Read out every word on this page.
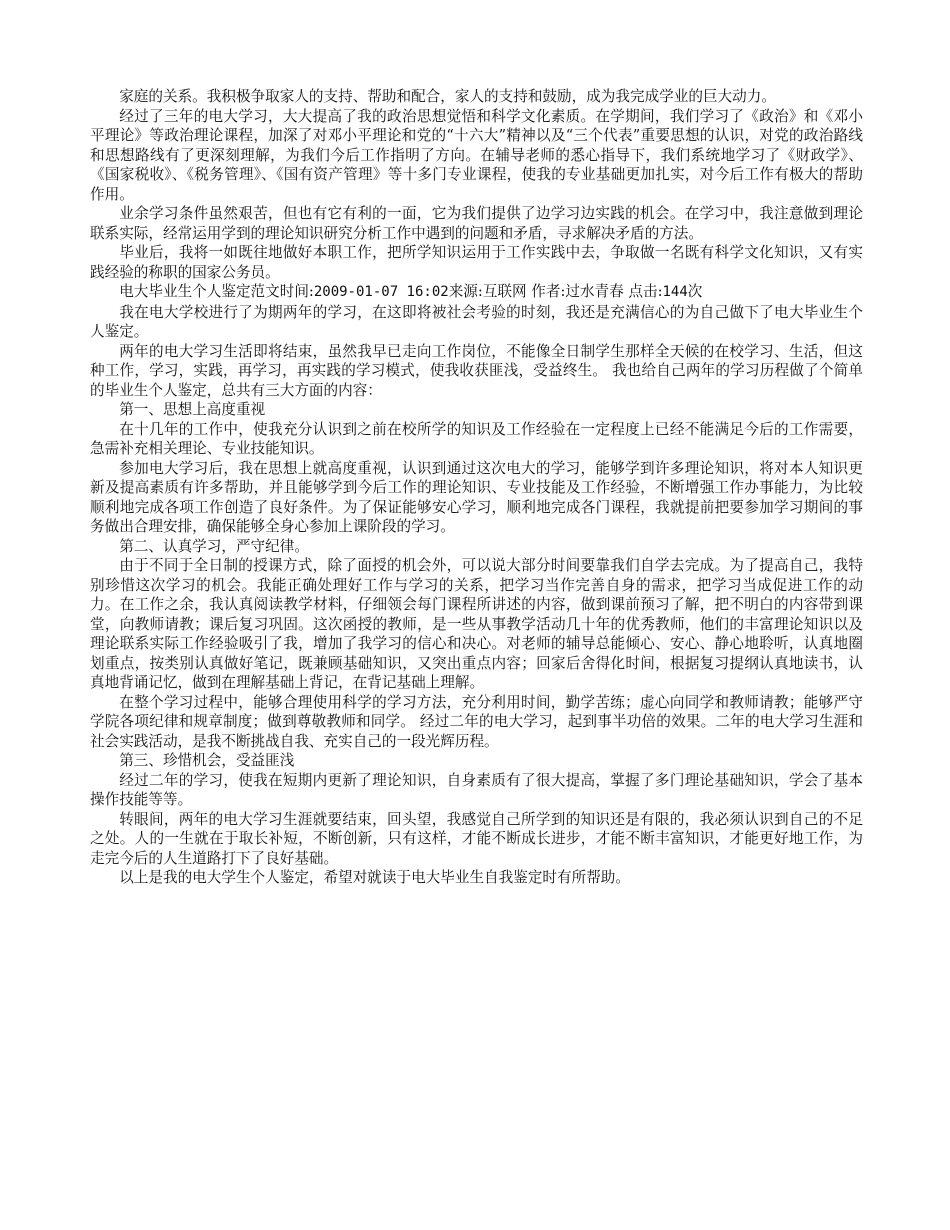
家庭的关系。我积极争取家人的支持、帮助和配合，家人的支持和鼓励，成为我完成学业的巨大动力。

经过了三年的电大学习，大大提高了我的政治思想觉悟和科学文化素质。在学期间，我们学习了《政治》和《邓小平理论》等政治理论课程，加深了对邓小平理论和党的“十六大”精神以及“三个代表”重要思想的认识，对党的政治路线和思想路线有了更深刻理解，为我们今后工作指明了方向。在辅导老师的悉心指导下，我们系统地学习了《财政学》、《国家税收》、《税务管理》、《国有资产管理》等十多门专业课程，使我的专业基础更加扎实，对今后工作有极大的帮助作用。

业余学习条件虽然艰苦，但也有它有利的一面，它为我们提供了边学习边实践的机会。在学习中，我注意做到理论联系实际，经常运用学到的理论知识研究分析工作中遇到的问题和矛盾，寻求解决矛盾的方法。

毕业后，我将一如既往地做好本职工作，把所学知识运用于工作实践中去，争取做一名既有科学文化知识，又有实践经验的称职的国家公务员。

电大毕业生个人鉴定范文时间:2009-01-07 16:02来源:互联网 作者:过水青春 点击:144次

我在电大学校进行了为期两年的学习，在这即将被社会考验的时刻，我还是充满信心的为自己做下了电大毕业生个人鉴定。

两年的电大学习生活即将结束，虽然我早已走向工作岗位，不能像全日制学生那样全天候的在校学习、生活，但这种工作，学习，实践，再学习，再实践的学习模式，使我收获匪浅，受益终生。 我也给自己两年的学习历程做了个简单的毕业生个人鉴定，总共有三大方面的内容：

第一、思想上高度重视

在十几年的工作中，使我充分认识到之前在校所学的知识及工作经验在一定程度上已经不能满足今后的工作需要，急需补充相关理论、专业技能知识。

参加电大学习后，我在思想上就高度重视，认识到通过这次电大的学习，能够学到许多理论知识，将对本人知识更新及提高素质有许多帮助，并且能够学到今后工作的理论知识、专业技能及工作经验，不断增强工作办事能力，为比较顺利地完成各项工作创造了良好条件。为了保证能够安心学习，顺利地完成各门课程，我就提前把要参加学习期间的事务做出合理安排，确保能够全身心参加上课阶段的学习。

第二、认真学习，严守纪律。

由于不同于全日制的授课方式，除了面授的机会外，可以说大部分时间要靠我们自学去完成。为了提高自己，我特别珍惜这次学习的机会。我能正确处理好工作与学习的关系，把学习当作完善自身的需求，把学习当成促进工作的动力。在工作之余，我认真阅读教学材料，仔细领会每门课程所讲述的内容，做到课前预习了解，把不明白的内容带到课堂，向教师请教；课后复习巩固。这次函授的教师，是一些从事教学活动几十年的优秀教师，他们的丰富理论知识以及理论联系实际工作经验吸引了我，增加了我学习的信心和决心。对老师的辅导总能倾心、安心、静心地聆听，认真地圈划重点，按类别认真做好笔记，既兼顾基础知识，又突出重点内容；回家后舍得化时间，根据复习提纲认真地读书，认真地背诵记忆，做到在理解基础上背记，在背记基础上理解。

在整个学习过程中，能够合理使用科学的学习方法，充分利用时间，勤学苦练；虚心向同学和教师请教；能够严守学院各项纪律和规章制度；做到尊敬教师和同学。 经过二年的电大学习，起到事半功倍的效果。二年的电大学习生涯和社会实践活动，是我不断挑战自我、充实自己的一段光辉历程。

第三、珍惜机会，受益匪浅

经过二年的学习，使我在短期内更新了理论知识，自身素质有了很大提高，掌握了多门理论基础知识，学会了基本操作技能等等。

转眼间，两年的电大学习生涯就要结束，回头望，我感觉自己所学到的知识还是有限的，我必须认识到自己的不足之处。人的一生就在于取长补短，不断创新，只有这样，才能不断成长进步，才能不断丰富知识，才能更好地工作，为走完今后的人生道路打下了良好基础。

以上是我的电大学生个人鉴定，希望对就读于电大毕业生自我鉴定时有所帮助。
